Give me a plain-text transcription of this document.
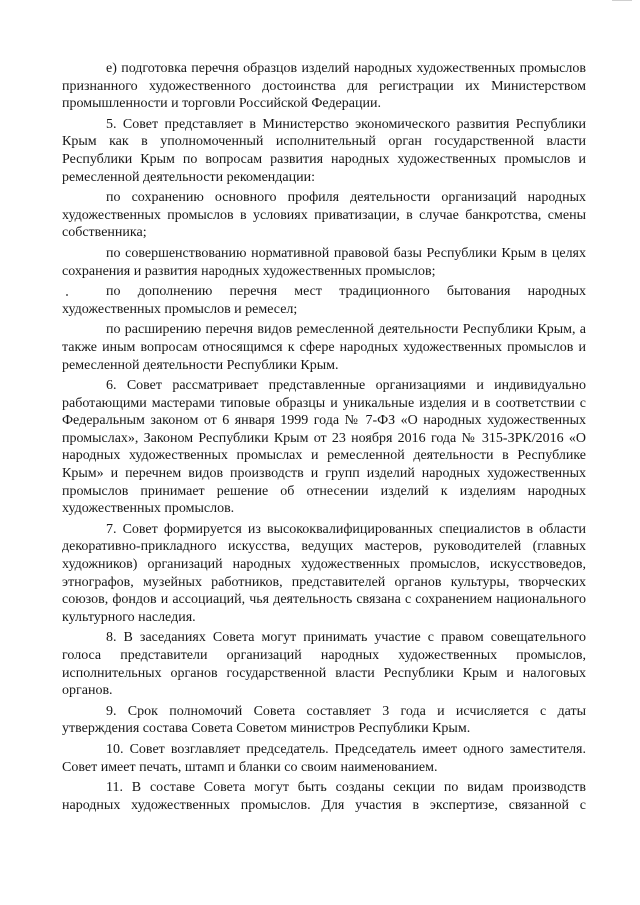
е) подготовка перечня образцов изделий народных художественных промыслов признанного художественного достоинства для регистрации их Министерством промышленности и торговли Российской Федерации.

5. Совет представляет в Министерство экономического развития Республики Крым как в уполномоченный исполнительный орган государственной власти Республики Крым по вопросам развития народных художественных промыслов и ремесленной деятельности рекомендации:

по сохранению основного профиля деятельности организаций народных художественных промыслов в условиях приватизации, в случае банкротства, смены собственника;

по совершенствованию нормативной правовой базы Республики Крым в целях сохранения и развития народных художественных промыслов;

по дополнению перечня мест традиционного бытования народных художественных промыслов и ремесел;

по расширению перечня видов ремесленной деятельности Республики Крым, а также иным вопросам относящимся к сфере народных художественных промыслов и ремесленной деятельности Республики Крым.

6. Совет рассматривает представленные организациями и индивидуально работающими мастерами типовые образцы и уникальные изделия и в соответствии с Федеральным законом от 6 января 1999 года № 7-ФЗ «О народных художественных промыслах», Законом Республики Крым от 23 ноября 2016 года № 315-ЗРК/2016 «О народных художественных промыслах и ремесленной деятельности в Республике Крым» и перечнем видов производств и групп изделий народных художественных промыслов принимает решение об отнесении изделий к изделиям народных художественных промыслов.

7. Совет формируется из высококвалифицированных специалистов в области декоративно-прикладного искусства, ведущих мастеров, руководителей (главных художников) организаций народных художественных промыслов, искусствоведов, этнографов, музейных работников, представителей органов культуры, творческих союзов, фондов и ассоциаций, чья деятельность связана с сохранением национального культурного наследия.

8. В заседаниях Совета могут принимать участие с правом совещательного голоса представители организаций народных художественных промыслов, исполнительных органов государственной власти Республики Крым и налоговых органов.

9. Срок полномочий Совета составляет 3 года и исчисляется с даты утверждения состава Совета Советом министров Республики Крым.

10. Совет возглавляет председатель. Председатель имеет одного заместителя. Совет имеет печать, штамп и бланки со своим наименованием.

11. В составе Совета могут быть созданы секции по видам производств народных художественных промыслов. Для участия в экспертизе, связанной с
